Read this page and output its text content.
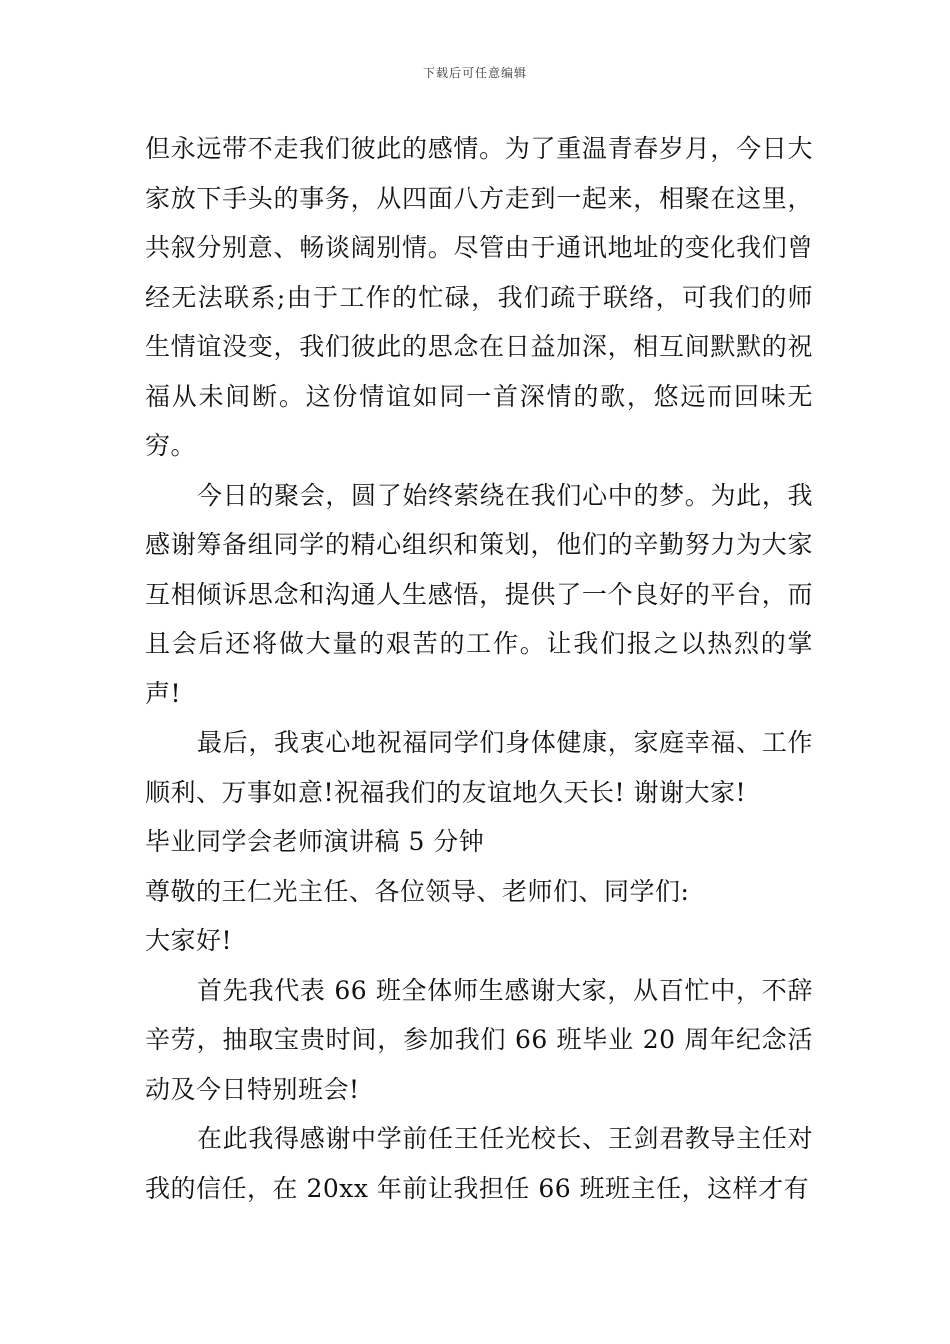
下载后可任意编辑

但永远带不走我们彼此的感情。为了重温青春岁月，今日大家放下手头的事务，从四面八方走到一起来，相聚在这里，共叙分别意、畅谈阔别情。尽管由于通讯地址的变化我们曾经无法联系;由于工作的忙碌，我们疏于联络，可我们的师生情谊没变，我们彼此的思念在日益加深，相互间默默的祝福从未间断。这份情谊如同一首深情的歌，悠远而回味无穷。

今日的聚会，圆了始终萦绕在我们心中的梦。为此，我感谢筹备组同学的精心组织和策划，他们的辛勤努力为大家互相倾诉思念和沟通人生感悟，提供了一个良好的平台，而且会后还将做大量的艰苦的工作。让我们报之以热烈的掌声!

最后，我衷心地祝福同学们身体健康，家庭幸福、工作顺利、万事如意!祝福我们的友谊地久天长! 谢谢大家!

毕业同学会老师演讲稿 5 分钟

尊敬的王仁光主任、各位领导、老师们、同学们:

大家好!

首先我代表 66 班全体师生感谢大家，从百忙中，不辞辛劳，抽取宝贵时间，参加我们 66 班毕业 20 周年纪念活动及今日特别班会!

在此我得感谢中学前任王任光校长、王剑君教导主任对我的信任，在 20xx 年前让我担任 66 班班主任，这样才有
